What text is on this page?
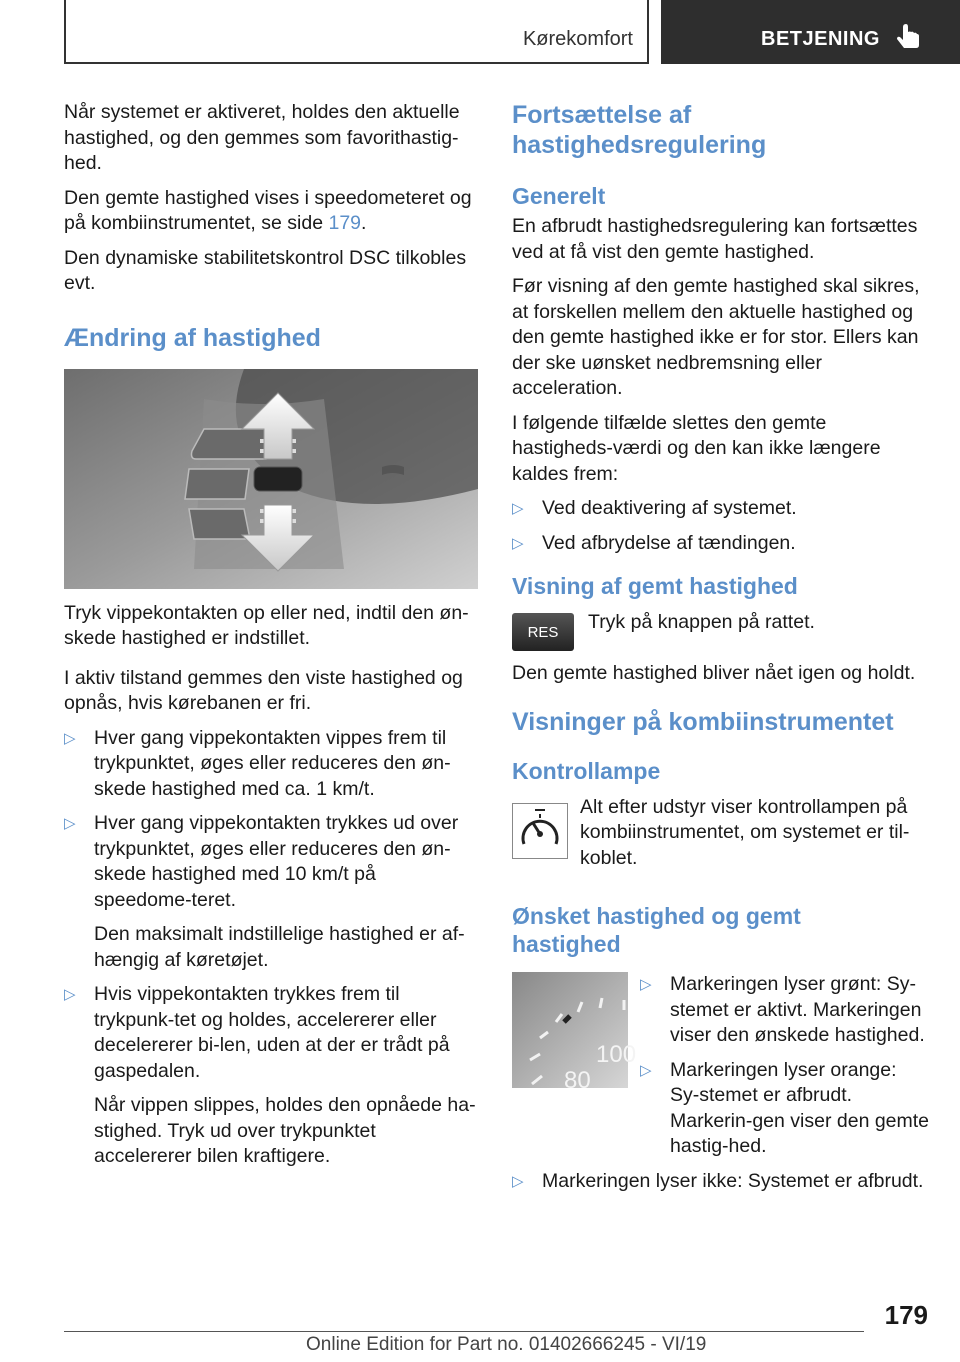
Kørekomfort	BETJENING

Når systemet er aktiveret, holdes den aktuelle hastighed, og den gemmes som favorithastig-hed.

Den gemte hastighed vises i speedometeret og på kombiinstrumentet, se side 179.

Den dynamiske stabilitetskontrol DSC tilkobles evt.

Ændring af hastighed

Tryk vippekontakten op eller ned, indtil den øn-skede hastighed er indstillet.

I aktiv tilstand gemmes den viste hastighed og opnås, hvis kørebanen er fri.

▷ Hver gang vippekontakten vippes frem til trykpunktet, øges eller reduceres den øn-skede hastighed med ca. 1 km/t.
▷ Hver gang vippekontakten trykkes ud over trykpunktet, øges eller reduceres den øn-skede hastighed med 10 km/t på speedome-teret.

Den maksimalt indstillelige hastighed er af-hængig af køretøjet.

▷ Hvis vippekontakten trykkes frem til trykpunk-tet og holdes, accelererer eller decelererer bi-len, uden at der er trådt på gaspedalen.

Når vippen slippes, holdes den opnåede ha-stighed. Tryk ud over trykpunktet accelererer bilen kraftigere.

Fortsættelse af hastighedsregulering
Generelt

En afbrudt hastighedsregulering kan fortsættes ved at få vist den gemte hastighed.

Før visning af den gemte hastighed skal sikres, at forskellen mellem den aktuelle hastighed og den gemte hastighed ikke er for stor. Ellers kan der ske uønsket nedbremsning eller acceleration.

I følgende tilfælde slettes den gemte hastigheds-værdi og den kan ikke længere kaldes frem:

▷ Ved deaktivering af systemet.
▷ Ved afbrydelse af tændingen.
Visning af gemt hastighed
RES Tryk på knappen på rattet.

Den gemte hastighed bliver nået igen og holdt.

Visninger på kombiinstrumentet
Kontrollampe

Alt efter udstyr viser kontrollampen på kombiinstrumentet, om systemet er til-koblet.

Ønsket hastighed og gemt hastighed
100
80
▷ Markeringen lyser grønt: Sy-stemet er aktivt. Markeringen viser den ønskede hastighed.
▷ Markeringen lyser orange: Sy-stemet er afbrudt. Markerin-gen viser den gemte hastig-hed.
▷ Markeringen lyser ikke: Systemet er afbrudt.
179
Online Edition for Part no. 01402666245 - VI/19
